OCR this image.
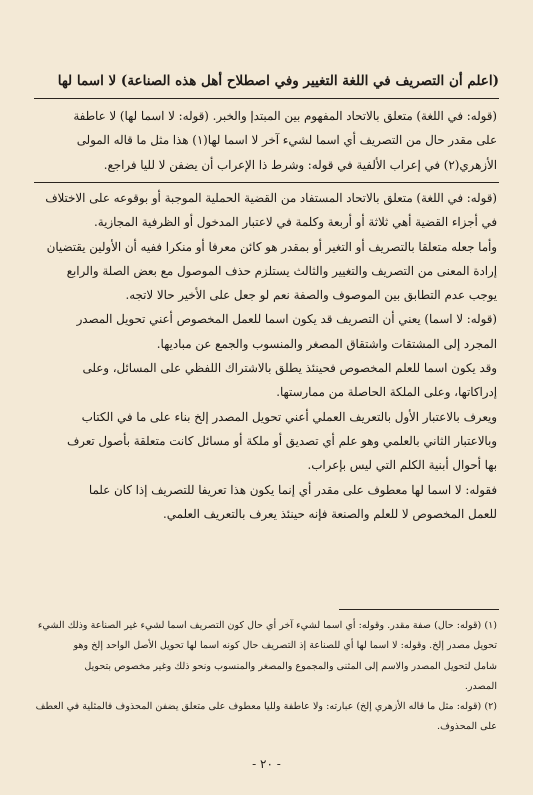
(اعلم أن التصريف في اللغة التغيير وفي اصطلاح أهل هذه الصناعة) لا اسما لها
(قوله: في اللغة) متعلق بالاتحاد المفهوم بين المبتدإ والخبر. (قوله: لا اسما لها) لا عاطفة
على مقدر حال من التصريف أي اسما لشيء آخر لا اسما لها(١) هذا مثل ما قاله المولى
الأزهري(٢) في إعراب الألفية في قوله: وشرط ذا الإعراب أن يضفن لا لليا فراجع.
(قوله: في اللغة) متعلق بالاتحاد المستفاد من القضية الحملية الموجبة أو بوقوعه على الاختلاف
في أجزاء القضية أهي ثلاثة أو أربعة وكلمة في لاعتبار المدخول أو الظرفية المجازية.
وأما جعله متعلقا بالتصريف أو التغير أو بمقدر هو كائن معرفا أو منكرا ففيه أن الأولين يقتضيان
إرادة المعنى من التصريف والتغيير والثالث يستلزم حذف الموصول مع بعض الصلة والرابع
يوجب عدم التطابق بين الموصوف والصفة نعم لو جعل على الأخير حالا لاتجه.
(قوله: لا اسما) يعني أن التصريف قد يكون اسما للعمل المخصوص أعني تحويل المصدر
المجرد إلى المشتقات واشتقاق المصغر والمنسوب والجمع عن مباديها.
وقد يكون اسما للعلم المخصوص فحينئذ يطلق بالاشتراك اللفظي على المسائل، وعلى
إدراكاتها، وعلى الملكة الحاصلة من ممارستها.
ويعرف بالاعتبار الأول بالتعريف العملي أعني تحويل المصدر إلخ بناء على ما في الكتاب
وبالاعتبار الثاني بالعلمي وهو علم أي تصديق أو ملكة أو مسائل كانت متعلقة بأصول تعرف
بها أحوال أبنية الكلم التي ليس بإعراب.
فقوله: لا اسما لها معطوف على مقدر أي إنما يكون هذا تعريفا للتصريف إذا كان علما
للعمل المخصوص لا للعلم والصنعة فإنه حينئذ يعرف بالتعريف العلمي.
(١) (قوله: حال) صفة مقدر. وقوله: أي اسما لشيء آخر أي حال كون التصريف اسما لشيء غير الصناعة وذلك الشيء
تحويل مصدر إلخ. وقوله: لا اسما لها أي للصناعة إذ التصريف حال كونه اسما لها تحويل الأصل الواحد إلخ وهو
شامل لتحويل المصدر والاسم إلى المثنى والمجموع والمصغر والمنسوب ونحو ذلك وغير مخصوص بتحويل
المصدر.
(٢) (قوله: مثل ما قاله الأزهري إلخ) عبارته: ولا عاطفة ولليا معطوف على متعلق يضفن المحذوف فالمثلية في العطف
على المحذوف.
- ٢٠ -
